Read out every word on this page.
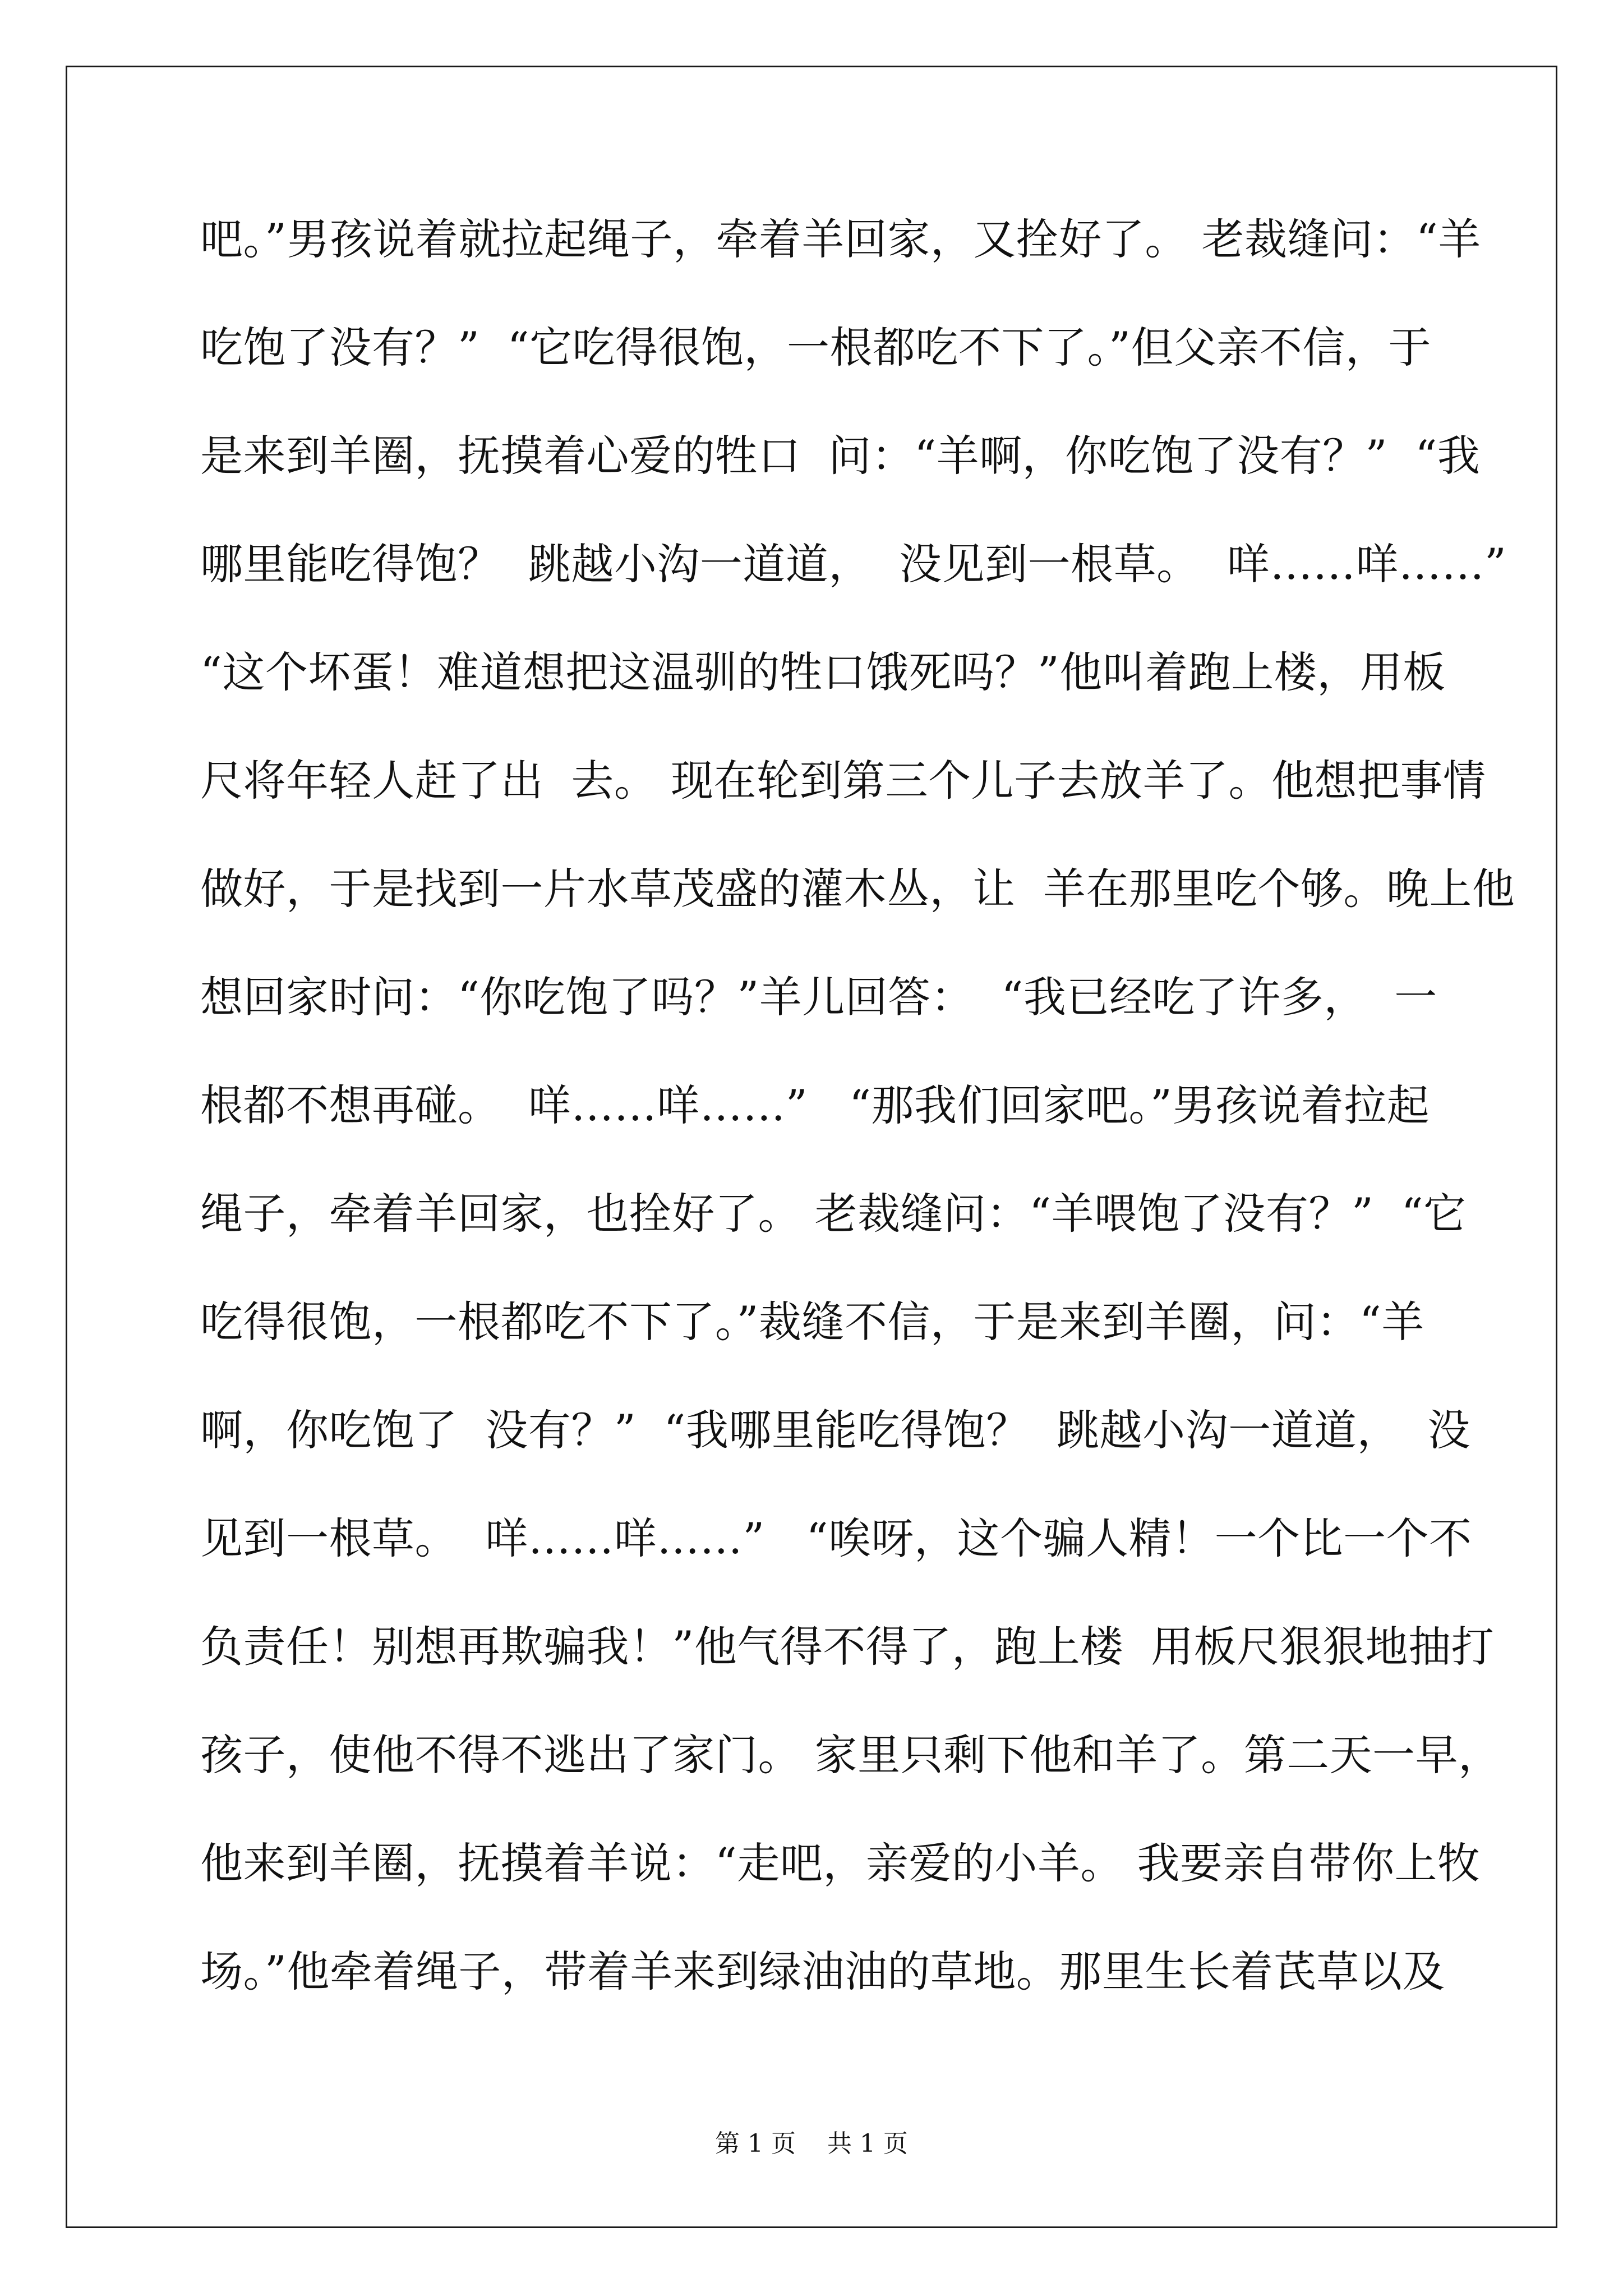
吧。”男孩说着就拉起绳子，牵着羊回家，又拴好了。 老裁缝问：“羊
吃饱了没有？”  “它吃得很饱，一根都吃不下了。”但父亲不信，于
是来到羊圈，抚摸着心爱的牲口  问：“羊啊，你吃饱了没有？”  “我
哪里能吃得饱？  跳越小沟一道道，  没见到一根草。  咩……咩……”
“这个坏蛋！难道想把这温驯的牲口饿死吗？”他叫着跑上楼，用板
尺将年轻人赶了出  去。 现在轮到第三个儿子去放羊了。他想把事情
做好，于是找到一片水草茂盛的灌木丛，让  羊在那里吃个够。晚上他
想回家时问：“你吃饱了吗？”羊儿回答：  “我已经吃了许多，  一
根都不想再碰。  咩……咩……”   “那我们回家吧。”男孩说着拉起
绳子，牵着羊回家，也拴好了。 老裁缝问：“羊喂饱了没有？”  “它
吃得很饱，一根都吃不下了。”裁缝不信，于是来到羊圈，问：“羊
啊，你吃饱了  没有？”  “我哪里能吃得饱？  跳越小沟一道道，  没
见到一根草。  咩……咩……”   “唉呀，这个骗人精！一个比一个不
负责任！别想再欺骗我！”他气得不得了，跑上楼  用板尺狠狠地抽打
孩子，使他不得不逃出了家门。 家里只剩下他和羊了。第二天一早，
他来到羊圈，抚摸着羊说：“走吧，亲爱的小羊。 我要亲自带你上牧
场。”他牵着绳子，带着羊来到绿油油的草地。那里生长着芪草以及
第 1 页    共 1 页
